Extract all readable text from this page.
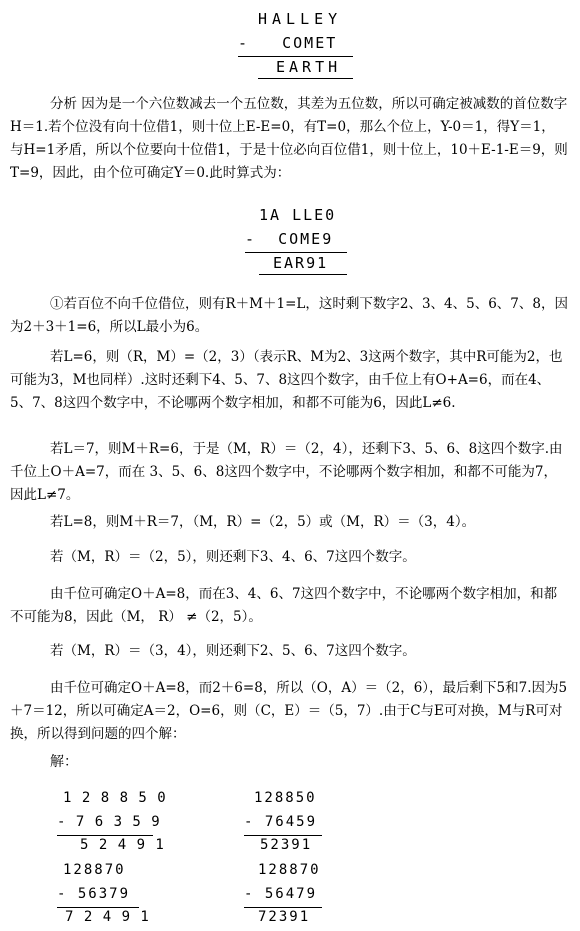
HALLEY
-   COMET
EARTH
分析 因为是一个六位数减去一个五位数，其差为五位数，所以可确定被减数的首位数字H＝1.若个位没有向十位借1，则十位上E-E=0，有T=0，那么个位上，Y-0＝1，得Y＝1，与H=1矛盾，所以个位要向十位借1，于是十位必向百位借1，则十位上，10＋E-1-E＝9，则T=9，因此，由个位可确定Y＝0.此时算式为：
1A LLE0
-  COME9
EAR91
①若百位不向千位借位，则有R＋M＋1=L，这时剩下数字2、3、4、5、6、7、8，因为2＋3＋1=6，所以L最小为6。
若L=6，则（R，M）=（2，3）（表示R、M为2、3这两个数字，其中R可能为2，也可能为3，M也同样）.这时还剩下4、5、7、8这四个数字，由千位上有O+A=6，而在4、5、7、8这四个数字中，不论哪两个数字相加，和都不可能为6，因此L≠6.
若L＝7，则M＋R=6，于是（M，R）＝（2，4），还剩下3、5、6、8这四个数字.由千位上O＋A=7，而在 3、5、6、8这四个数字中，不论哪两个数字相加，和都不可能为7，因此L≠7。
若L=8，则M＋R＝7，（M，R）=（2，5）或（M，R）＝（3，4）。
若（M，R）＝（2，5），则还剩下3、4、6、7这四个数字。
由千位可确定O＋A=8，而在3、4、6、7这四个数字中，不论哪两个数字相加，和都不可能为8，因此（M， R） ≠（2，5）。
若（M，R）＝（3，4），则还剩下2、5、6、7这四个数字。
由千位可确定O＋A=8，而2＋6=8，所以（O，A）＝（2，6），最后剩下5和7.因为5＋7＝12，所以可确定A＝2，O=6，则（C，E）＝（5，7）.由于C与E可对换，M与R可对换，所以得到问题的四个解：
解：
1 2 8 8 5 0
- 7 6 3 5 9
5 2 4 9 1
128850
- 76459
52391
128870
- 56379
7 2 4 9 1
128870
- 56479
72391
